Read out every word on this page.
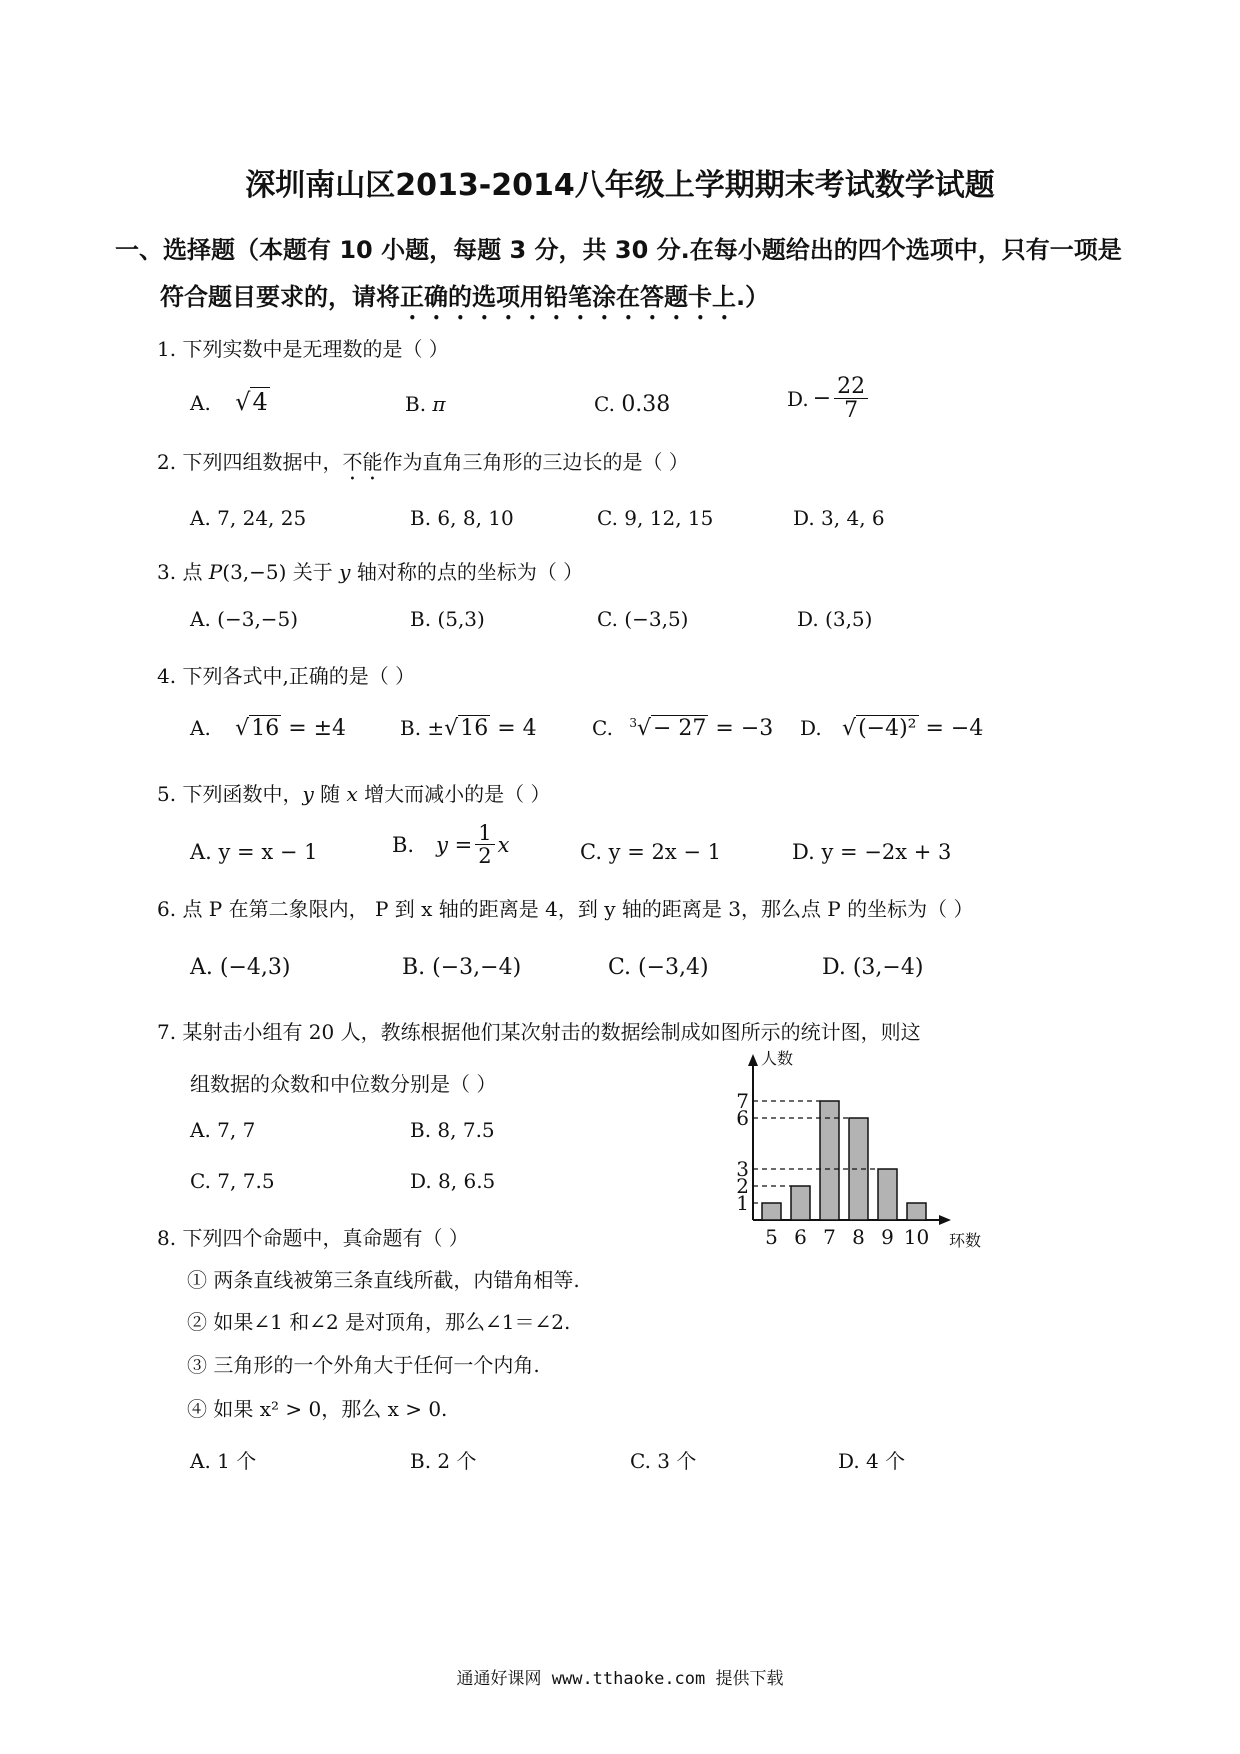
深圳南山区2013-2014八年级上学期期末考试数学试题
一、选择题（本题有 10 小题，每题 3 分，共 30 分.在每小题给出的四个选项中，只有一项是
符合题目要求的，请将正确的选项用铅笔涂在答题卡上.）
1. 下列实数中是无理数的是（ ）
A. √4	B. π	C. 0.38	D. − $\frac{22}{7}$
2. 下列四组数据中，不能作为直角三角形的三边长的是（ ）
A. 7, 24, 25	B. 6, 8, 10	C. 9, 12, 15	D. 3, 4, 6
3. 点 P(3,−5) 关于 y 轴对称的点的坐标为（ ）
A. (−3,−5)	B. (5,3)	C. (−3,5)	D. (3,5)
4. 下列各式中,正确的是（ ）
A. √16 = ±4	B. ±√16 = 4	C. $^3$√− 27 = −3 D. √(−4)² = −4
5. 下列函数中，y 随 x 增大而减小的是（ ）
A. y = x − 1	B. $y = \frac{1}{2}$ x	C. y = 2x − 1	D. y = −2x + 3
6. 点 P 在第二象限内， P 到 x 轴的距离是 4，到 y 轴的距离是 3，那么点 P 的坐标为（ ）
A. (−4,3)	B. (−3,−4)	C. (−3,4)	D. (3,−4)
7. 某射击小组有 20 人，教练根据他们某次射击的数据绘制成如图所示的统计图，则这
组数据的众数和中位数分别是（ ）
A. 7, 7	B. 8, 7.5
C. 7, 7.5	D. 8, 6.5
5 6 7 8 9 10
1
2
3
6
7
人数
环数
8. 下列四个命题中，真命题有（ ）
① 两条直线被第三条直线所截，内错角相等.
② 如果∠1 和∠2 是对顶角，那么∠1＝∠2.
③ 三角形的一个外角大于任何一个内角.
④ 如果 x² > 0，那么 x > 0.
A. 1 个	B. 2 个	C. 3 个	D. 4 个
通通好课网 www.tthaoke.com 提供下载
